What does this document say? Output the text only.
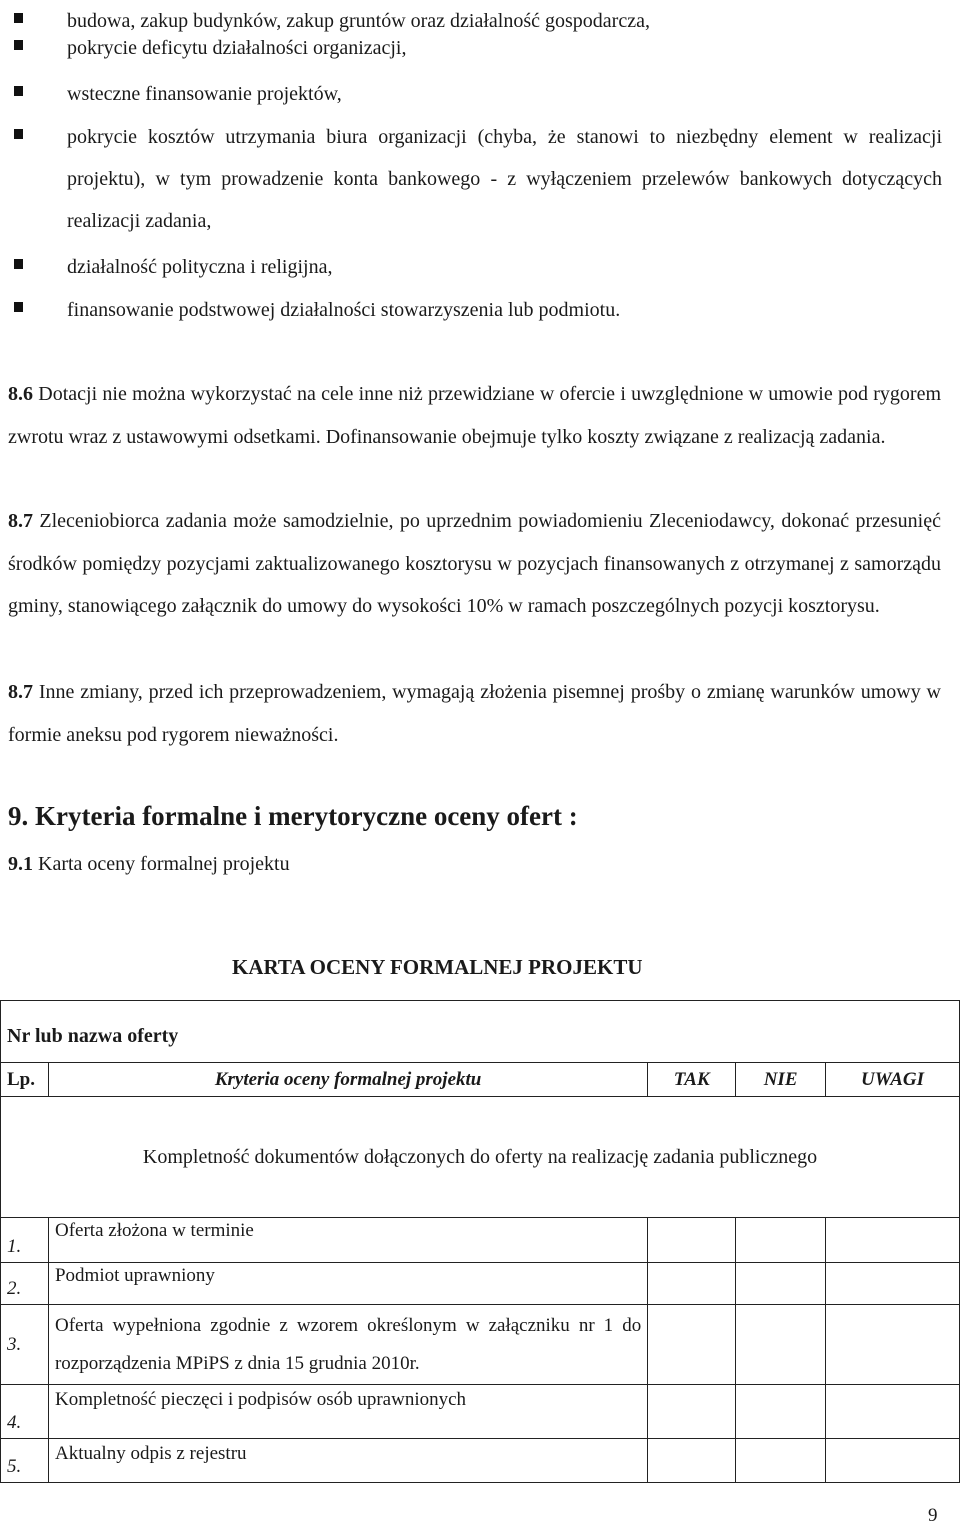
budowa, zakup budynków, zakup gruntów oraz działalność gospodarcza,
pokrycie deficytu działalności organizacji,
wsteczne finansowanie projektów,
pokrycie kosztów utrzymania biura organizacji (chyba, że stanowi to niezbędny element w realizacji projektu), w tym prowadzenie konta bankowego - z wyłączeniem przelewów bankowych dotyczących realizacji zadania,
działalność polityczna i religijna,
finansowanie podstwowej działalności stowarzyszenia lub podmiotu.
8.6 Dotacji nie można wykorzystać na cele inne niż przewidziane w ofercie i uwzględnione w umowie pod rygorem zwrotu wraz z ustawowymi odsetkami. Dofinansowanie obejmuje tylko koszty związane z realizacją zadania.
8.7 Zleceniobiorca zadania może samodzielnie, po uprzednim powiadomieniu Zleceniodawcy, dokonać przesunięć środków pomiędzy pozycjami zaktualizowanego kosztorysu w pozycjach finansowanych z otrzymanej z samorządu gminy, stanowiącego załącznik do umowy do wysokości 10% w ramach poszczególnych pozycji kosztorysu.
8.7 Inne zmiany, przed ich przeprowadzeniem, wymagają złożenia pisemnej prośby o zmianę warunków umowy w formie aneksu pod rygorem nieważności.
9. Kryteria formalne i merytoryczne oceny ofert :
9.1 Karta oceny formalnej projektu
KARTA OCENY FORMALNEJ PROJEKTU
Nr lub nazwa oferty				
Lp.	Kryteria oceny formalnej projektu	TAK	NIE	UWAGI
Kompletność dokumentów dołączonych do oferty na realizację zadania publicznego				
1.	Oferta złożona w terminie			
2.	Podmiot uprawniony			
3.	Oferta wypełniona zgodnie z wzorem określonym w załączniku nr 1 do rozporządzenia MPiPS z dnia 15 grudnia 2010r.			
4.	Kompletność pieczęci i podpisów osób uprawnionych			
5.	Aktualny odpis z rejestru			
9
